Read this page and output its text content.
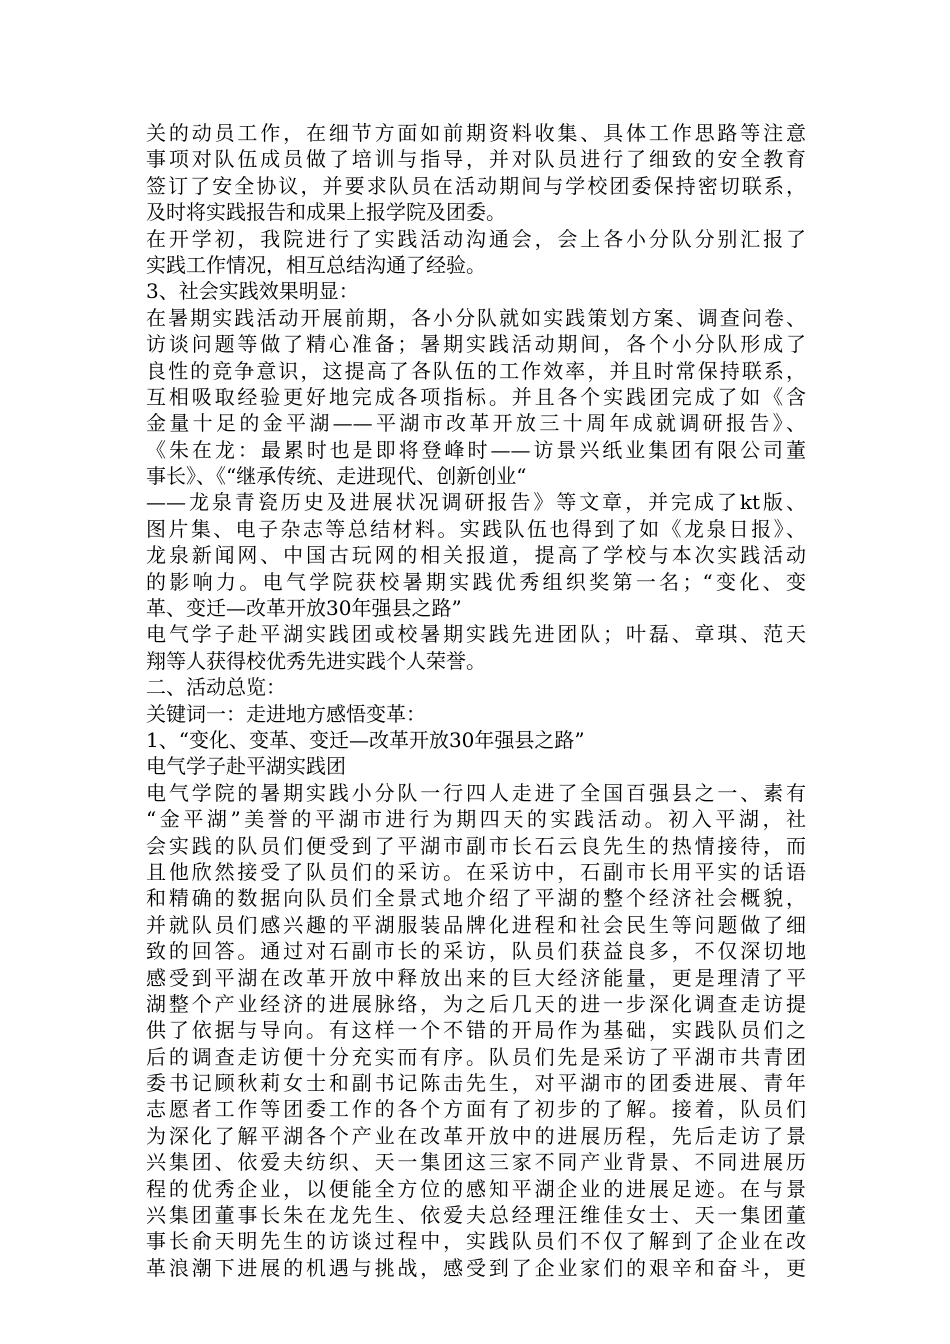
关的动员工作，在细节方面如前期资料收集、具体工作思路等注意
事项对队伍成员做了培训与指导，并对队员进行了细致的安全教育
签订了安全协议，并要求队员在活动期间与学校团委保持密切联系，
及时将实践报告和成果上报学院及团委。
在开学初，我院进行了实践活动沟通会，会上各小分队分别汇报了
实践工作情况，相互总结沟通了经验。
3、社会实践效果明显：
在暑期实践活动开展前期，各小分队就如实践策划方案、调查问卷、
访谈问题等做了精心准备；暑期实践活动期间，各个小分队形成了
良性的竞争意识，这提高了各队伍的工作效率，并且时常保持联系，
互相吸取经验更好地完成各项指标。并且各个实践团完成了如《含
金量十足的金平湖——平湖市改革开放三十周年成就调研报告》、
《朱在龙：最累时也是即将登峰时——访景兴纸业集团有限公司董
事长》、《“继承传统、走进现代、创新创业“
——龙泉青瓷历史及进展状况调研报告》等文章，并完成了kt版、
图片集、电子杂志等总结材料。实践队伍也得到了如《龙泉日报》、
龙泉新闻网、中国古玩网的相关报道，提高了学校与本次实践活动
的影响力。电气学院获校暑期实践优秀组织奖第一名；“变化、变
革、变迁—改革开放30年强县之路”
电气学子赴平湖实践团或校暑期实践先进团队；叶磊、章琪、范天
翔等人获得校优秀先进实践个人荣誉。
二、活动总览：
关键词一：走进地方感悟变革：
1、“变化、变革、变迁—改革开放30年强县之路”
电气学子赴平湖实践团
电气学院的暑期实践小分队一行四人走进了全国百强县之一、素有
“金平湖”美誉的平湖市进行为期四天的实践活动。初入平湖，社
会实践的队员们便受到了平湖市副市长石云良先生的热情接待，而
且他欣然接受了队员们的采访。在采访中，石副市长用平实的话语
和精确的数据向队员们全景式地介绍了平湖的整个经济社会概貌，
并就队员们感兴趣的平湖服装品牌化进程和社会民生等问题做了细
致的回答。通过对石副市长的采访，队员们获益良多，不仅深切地
感受到平湖在改革开放中释放出来的巨大经济能量，更是理清了平
湖整个产业经济的进展脉络，为之后几天的进一步深化调查走访提
供了依据与导向。有这样一个不错的开局作为基础，实践队员们之
后的调查走访便十分充实而有序。队员们先是采访了平湖市共青团
委书记顾秋莉女士和副书记陈击先生，对平湖市的团委进展、青年
志愿者工作等团委工作的各个方面有了初步的了解。接着，队员们
为深化了解平湖各个产业在改革开放中的进展历程，先后走访了景
兴集团、依爱夫纺织、天一集团这三家不同产业背景、不同进展历
程的优秀企业，以便能全方位的感知平湖企业的进展足迹。在与景
兴集团董事长朱在龙先生、依爱夫总经理汪维佳女士、天一集团董
事长俞天明先生的访谈过程中，实践队员们不仅了解到了企业在改
革浪潮下进展的机遇与挑战，感受到了企业家们的艰辛和奋斗，更
